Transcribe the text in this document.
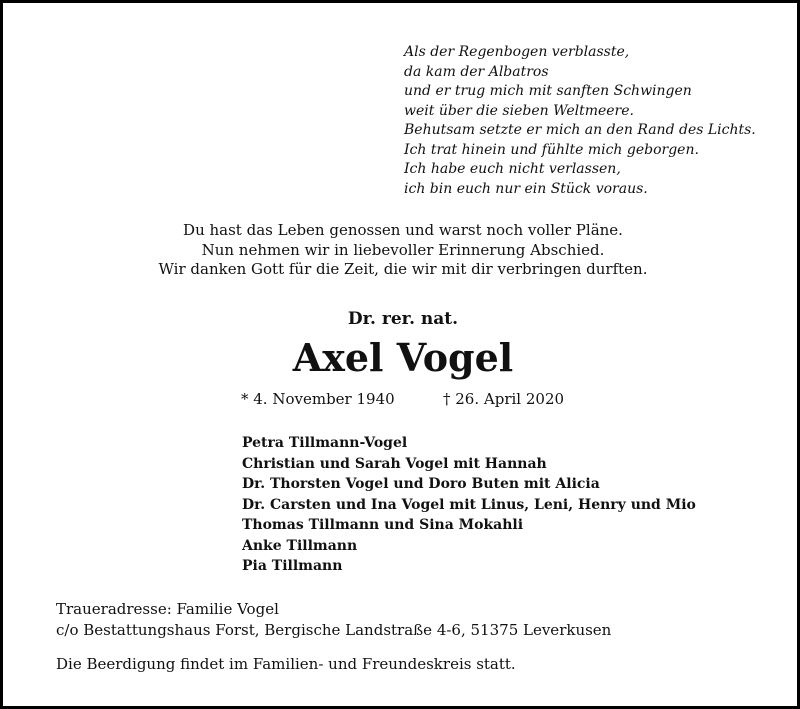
Als der Regenbogen verblasste,
da kam der Albatros
und er trug mich mit sanften Schwingen
weit über die sieben Weltmeere.
Behutsam setzte er mich an den Rand des Lichts.
Ich trat hinein und fühlte mich geborgen.
Ich habe euch nicht verlassen,
ich bin euch nur ein Stück voraus.
Du hast das Leben genossen und warst noch voller Pläne.
Nun nehmen wir in liebevoller Erinnerung Abschied.
Wir danken Gott für die Zeit, die wir mit dir verbringen durften.
Dr. rer. nat.
Axel Vogel
* 4. November 1940	† 26. April 2020
Petra Tillmann-Vogel
Christian und Sarah Vogel mit Hannah
Dr. Thorsten Vogel und Doro Buten mit Alicia
Dr. Carsten und Ina Vogel mit Linus, Leni, Henry und Mio
Thomas Tillmann und Sina Mokahli
Anke Tillmann
Pia Tillmann
Traueradresse: Familie Vogel
c/o Bestattungshaus Forst, Bergische Landstraße 4-6, 51375 Leverkusen
Die Beerdigung findet im Familien- und Freundeskreis statt.
